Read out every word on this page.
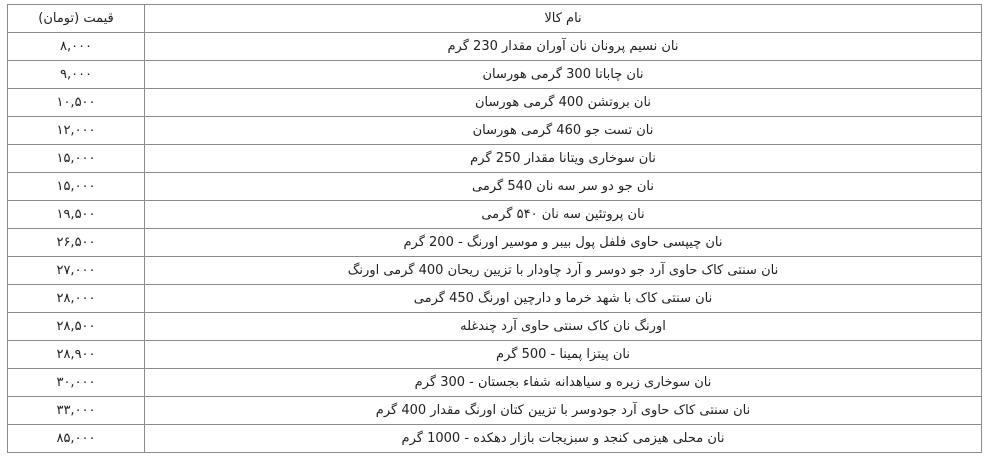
نام کالا	قیمت (تومان)
نان نسیم پرونان نان آوران مقدار 230 گرم	۸,۰۰۰
نان چاباتا 300 گرمی هورسان	۹,۰۰۰
نان بروتشن 400 گرمی هورسان	۱۰,۵۰۰
نان تست جو 460 گرمی هورسان	۱۲,۰۰۰
نان سوخاری ویتانا مقدار 250 گرم	۱۵,۰۰۰
نان جو دو سر سه نان 540 گرمی	۱۵,۰۰۰
نان پروتئین سه نان ۵۴۰ گرمی	۱۹,۵۰۰
نان چیپسی حاوی فلفل پول بیبر و موسیر اورنگ - 200 گرم	۲۶,۵۰۰
نان سنتی کاک حاوی آرد جو دوسر و آرد چاودار با تزیین ریحان 400 گرمی اورنگ	۲۷,۰۰۰
نان سنتی کاک با شهد خرما و دارچین اورنگ 450 گرمی	۲۸,۰۰۰
اورنگ نان کاک سنتی حاوی آرد چندغله	۲۸,۵۰۰
نان پیتزا پمینا - 500 گرم	۲۸,۹۰۰
نان سوخاری زیره و سیاهدانه شفاء بجستان - 300 گرم	۳۰,۰۰۰
نان سنتی کاک حاوی آرد جودوسر با تزیین کتان اورنگ مقدار 400 گرم	۳۳,۰۰۰
نان محلی هیزمی کنجد و سبزیجات بازار دهکده - 1000 گرم	۸۵,۰۰۰
